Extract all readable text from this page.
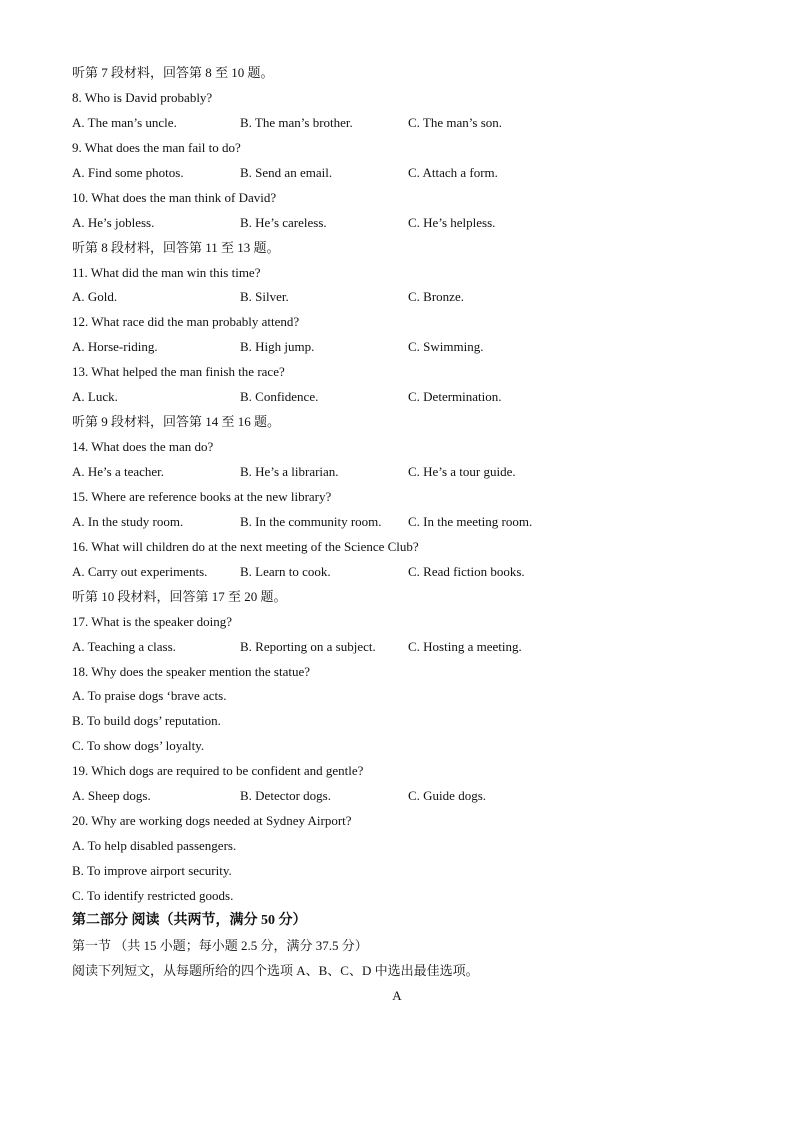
听第 7 段材料，回答第 8 至 10 题。
8. Who is David probably?
A. The man’s uncle.	B. The man’s brother.	C. The man’s son.
9. What does the man fail to do?
A. Find some photos.	B. Send an email.	C. Attach a form.
10. What does the man think of David?
A. He’s jobless.	B. He’s careless.	C. He’s helpless.
听第 8 段材料，回答第 11 至 13 题。
11. What did the man win this time?
A. Gold.	B. Silver.	C. Bronze.
12. What race did the man probably attend?
A. Horse-riding.	B. High jump.	C. Swimming.
13. What helped the man finish the race?
A. Luck.	B. Confidence.	C. Determination.
听第 9 段材料，回答第 14 至 16 题。
14. What does the man do?
A. He’s a teacher.	B. He’s a librarian.	C. He’s a tour guide.
15. Where are reference books at the new library?
A. In the study room.	B. In the community room. C. In the meeting room.
16. What will children do at the next meeting of the Science Club?
A. Carry out experiments.	B. Learn to cook.	C. Read fiction books.
听第 10 段材料，回答第 17 至 20 题。
17. What is the speaker doing?
A. Teaching a class.	B. Reporting on a subject. C. Hosting a meeting.
18. Why does the speaker mention the statue?
A. To praise dogs ‘brave acts.
B. To build dogs’ reputation.
C. To show dogs’ loyalty.
19. Which dogs are required to be confident and gentle?
A. Sheep dogs.	B. Detector dogs.	C. Guide dogs.
20. Why are working dogs needed at Sydney Airport?
A. To help disabled passengers.
B. To improve airport security.
C. To identify restricted goods.
第二部分 阅读（共两节，满分 50 分）
第一节 （共 15 小题；每小题 2.5 分，满分 37.5 分）
阅读下列短文，从每题所给的四个选项 A、B、C、D 中选出最佳选项。
A
